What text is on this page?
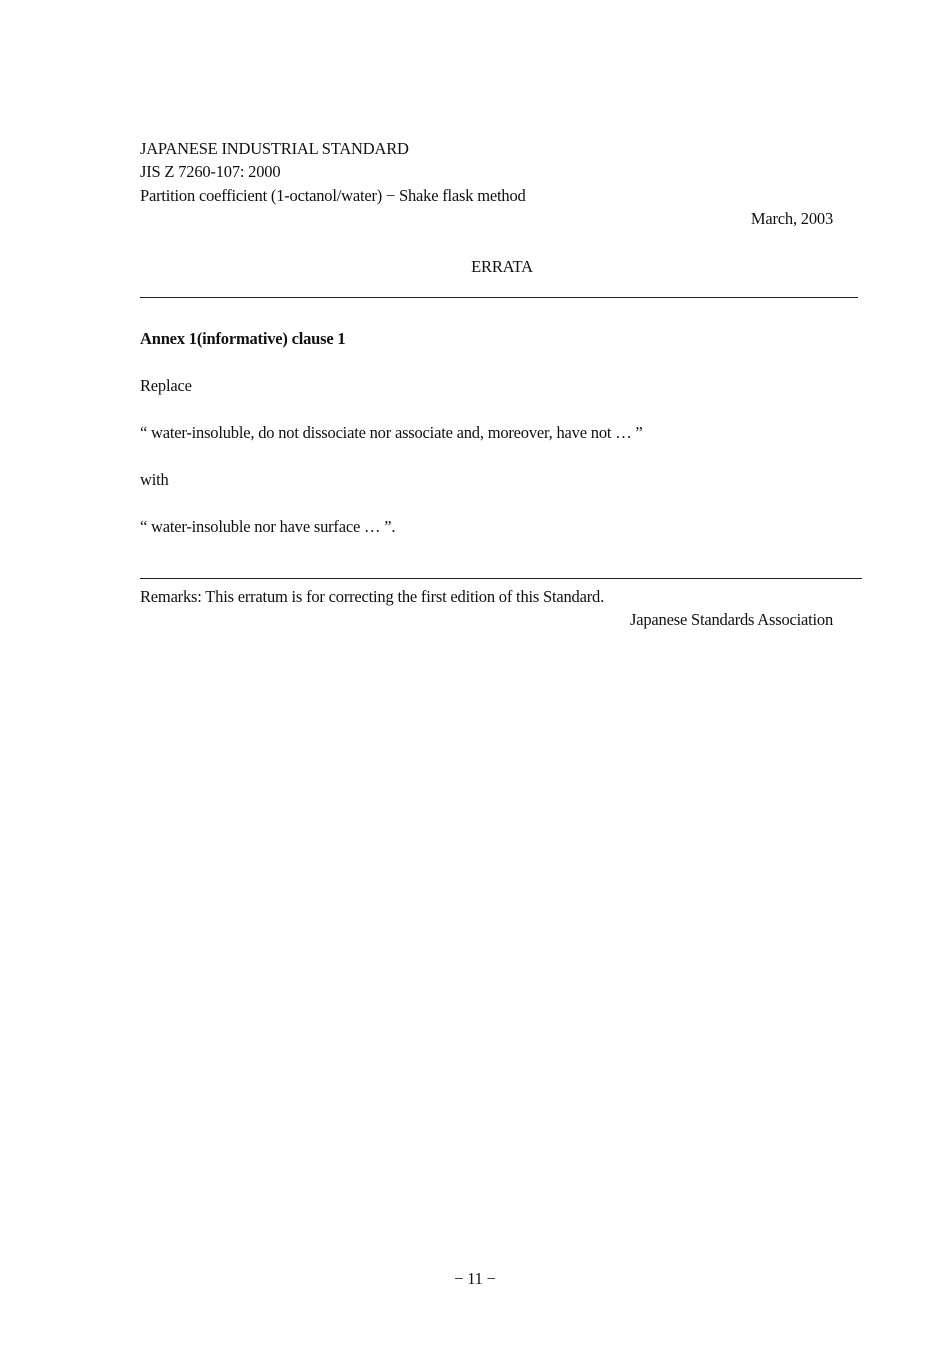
JAPANESE INDUSTRIAL STANDARD
JIS Z 7260-107: 2000
Partition coefficient (1-octanol/water) − Shake flask method
March, 2003
ERRATA
Annex 1(informative) clause 1
Replace
“ water-insoluble, do not dissociate nor associate and, moreover, have not … ”
with
“ water-insoluble nor have surface … ”.
Remarks: This erratum is for correcting the first edition of this Standard.
Japanese Standards Association
− 11 −
